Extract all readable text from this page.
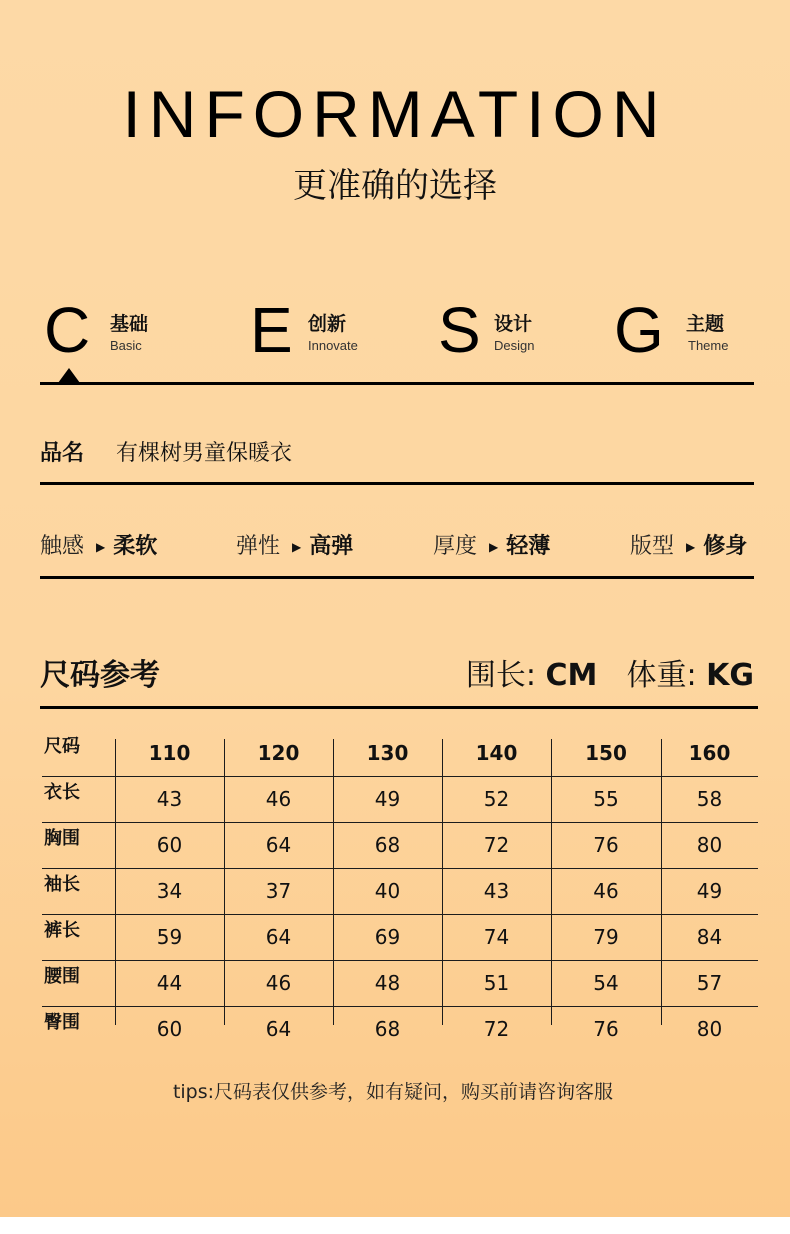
INFORMATION
更准确的选择
C 基础
Basic E 创新
Innovate S 设计
Design G 主题
Theme
品名 有棵树男童保暖衣
触感 ▶ 柔软	弹性 ▶ 高弹	厚度 ▶ 轻薄	版型 ▶ 修身
尺码参考	围长: CM 体重: KG
尺码	110	120	130	140	150	160
衣长	43	46	49	52	55	58
胸围	60	64	68	72	76	80
袖长	34	37	40	43	46	49
裤长	59	64	69	74	79	84
腰围	44	46	48	51	54	57
臀围	60	64	68	72	76	80
tips:尺码表仅供参考，如有疑问，购买前请咨询客服
